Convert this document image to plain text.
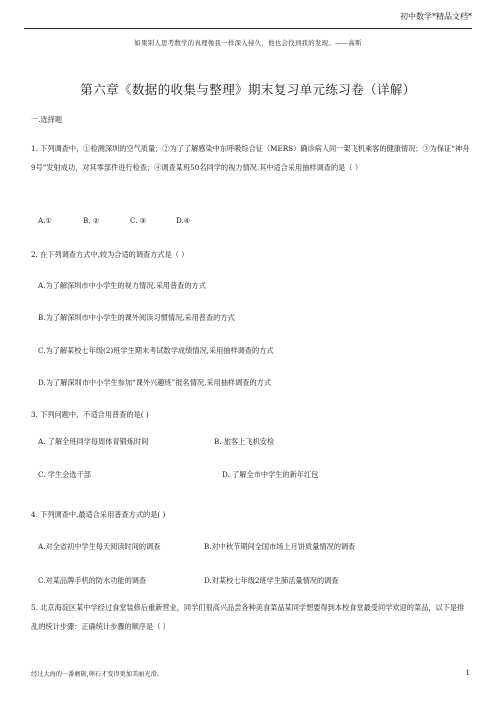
初中数学*精品文档*
如果别人思考数学的真理像我一样深入持久，他也会找到我的发现。——高斯
第六章《数据的收集与整理》期末复习单元练习卷（详解）
一.选择题
1. 下列调查中，①检测深圳的空气质量；②为了了解感染中东呼吸综合征（MERS）确诊病人同一架飞机乘客的健康情况；③为保证“神舟9号”发射成功，对其零部件进行检查；④调查某班50名同学的视力情况.其中适合采用抽样调查的是（ ）
A.①	B. ②	C. ③	D.④
2. 在下列调查方式中,较为合适的调查方式是（ ）
A.为了解深圳市中小学生的视力情况,采用普查的方式
B.为了解深圳市中小学生的课外阅读习惯情况,采用普查的方式
C.为了解某校七年级(2)班学生期末考试数学成绩情况,采用抽样调查的方式
D.为了解深圳市中小学生参加“课外兴趣班”报名情况,采用抽样调查的方式
3. 下列问题中，不适合用普查的是( )
A. 了解全班同学每周体育锻炼时间	B. 旅客上飞机安检
C. 学生会选干部	D. 了解全市中学生的新年红包
4. 下列调查中,最适合采用普查方式的是( )
A.对全省初中学生每天阅读时间的调查	B.对中秋节期间全国市场上月饼质量情况的调查
C.对某品牌手机的防水功能的调查	D.对某校七年级2班学生肺活量情况的调查
5. 北京海淀区某中学经过食堂装修后重新营业，同学们很高兴品尝各种美食菜品某同学想要得到本校食堂最受同学欢迎的菜品，以下是排乱的统计步骤：正确统计步骤的顺序是（ ）
经过大海的一番磨砺,卵石才变得更加美丽光滑。	1
